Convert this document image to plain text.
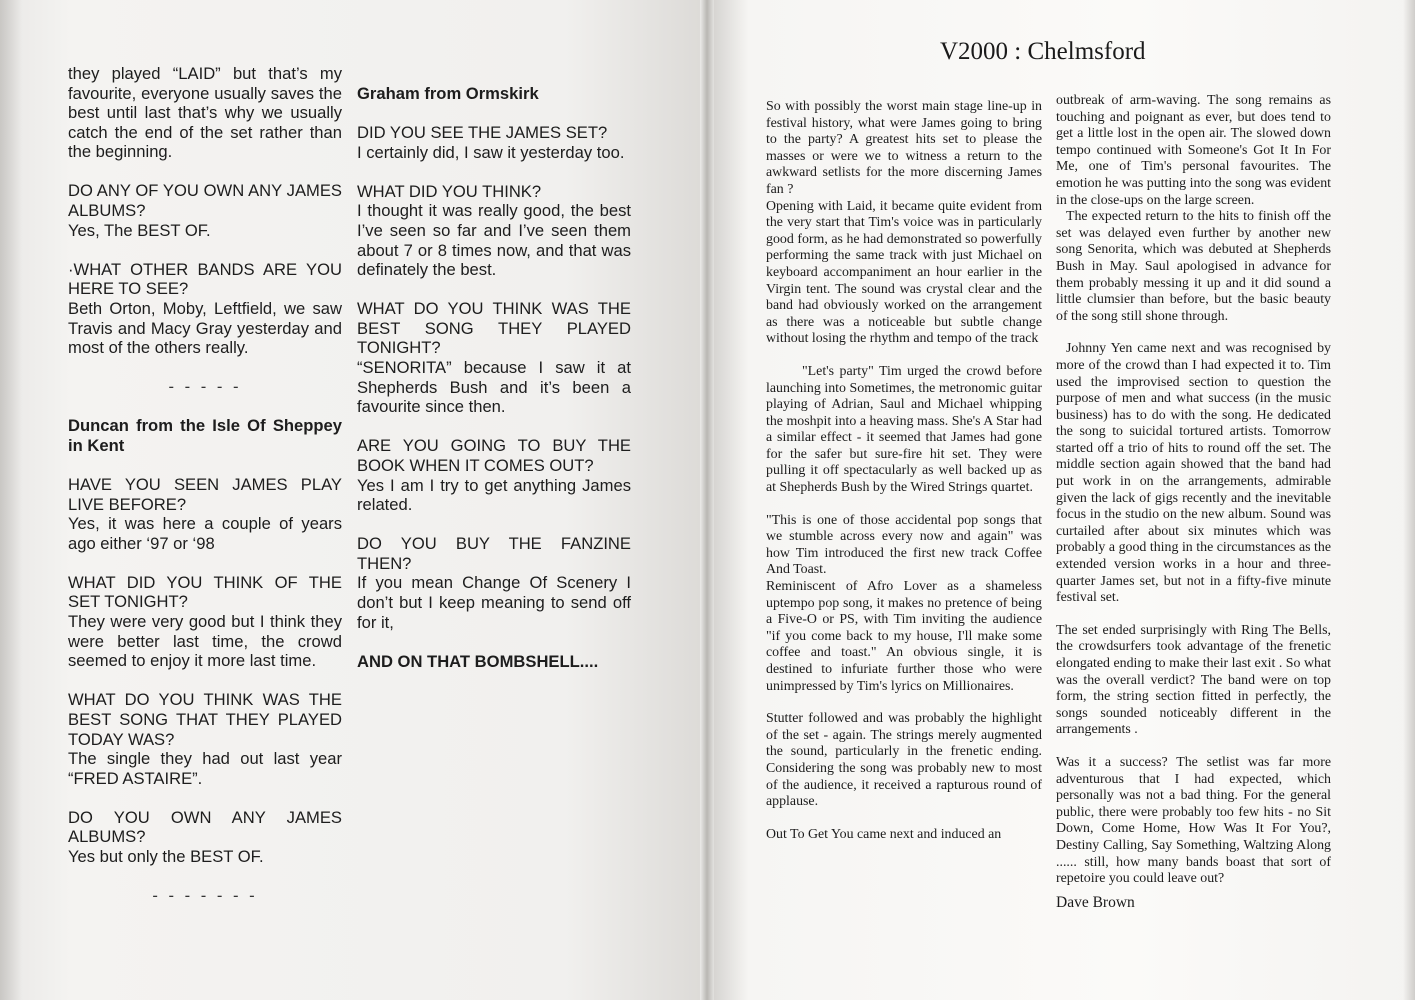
they played “LAID” but that’s my favourite, everyone usually saves the best until last that’s why we usually catch the end of the set rather than the beginning.

DO ANY OF YOU OWN ANY JAMES ALBUMS?
Yes, The BEST OF.
·WHAT OTHER BANDS ARE YOU HERE TO SEE?
Beth Orton, Moby, Leftfield, we saw Travis and Macy Gray yesterday and most of the others really.
- - - - -

Duncan from the Isle Of Sheppey in Kent

HAVE YOU SEEN JAMES PLAY LIVE BEFORE?
Yes, it was here a couple of years ago either ‘97 or ‘98
WHAT DID YOU THINK OF THE SET TONIGHT?
They were very good but I think they were better last time, the crowd seemed to enjoy it more last time.
WHAT DO YOU THINK WAS THE BEST SONG THAT THEY PLAYED TODAY WAS?
The single they had out last year “FRED ASTAIRE”.
DO YOU OWN ANY JAMES ALBUMS?
Yes but only the BEST OF.
- - - - - - -

Graham from Ormskirk

DID YOU SEE THE JAMES SET?
I certainly did, I saw it yesterday too.
WHAT DID YOU THINK?
I thought it was really good, the best I’ve seen so far and I’ve seen them about 7 or 8 times now, and that was definately the best.
WHAT DO YOU THINK WAS THE BEST SONG THEY PLAYED TONIGHT?
“SENORITA” because I saw it at Shepherds Bush and it’s been a favourite since then.
ARE YOU GOING TO BUY THE BOOK WHEN IT COMES OUT?
Yes I am I try to get anything James related.
DO YOU BUY THE FANZINE THEN?
If you mean Change Of Scenery I don’t but I keep meaning to send off for it,

AND ON THAT BOMBSHELL....

V2000 : Chelmsford

So with possibly the worst main stage line-up in festival history, what were James going to bring to the party? A greatest hits set to please the masses or were we to witness a return to the awkward setlists for the more discerning James fan ?

Opening with Laid, it became quite evident from the very start that Tim's voice was in particularly good form, as he had demonstrated so powerfully performing the same track with just Michael on keyboard accompaniment an hour earlier in the Virgin tent. The sound was crystal clear and the band had obviously worked on the arrangement as there was a noticeable but subtle change without losing the rhythm and tempo of the track

"Let's party" Tim urged the crowd before launching into Sometimes, the metronomic guitar playing of Adrian, Saul and Michael whipping the moshpit into a heaving mass. She's A Star had a similar effect - it seemed that James had gone for the safer but sure-fire hit set. They were pulling it off spectacularly as well backed up as at Shepherds Bush by the Wired Strings quartet.

"This is one of those accidental pop songs that we stumble across every now and again" was how Tim introduced the first new track Coffee And Toast.

Reminiscent of Afro Lover as a shameless uptempo pop song, it makes no pretence of being a Five-O or PS, with Tim inviting the audience "if you come back to my house, I'll make some coffee and toast." An obvious single, it is destined to infuriate further those who were unimpressed by Tim's lyrics on Millionaires.

Stutter followed and was probably the highlight of the set - again. The strings merely augmented the sound, particularly in the frenetic ending. Considering the song was probably new to most of the audience, it received a rapturous round of applause.

Out To Get You came next and induced an

outbreak of arm-waving. The song remains as touching and poignant as ever, but does tend to get a little lost in the open air. The slowed down tempo continued with Someone's Got It In For Me, one of Tim's personal favourites. The emotion he was putting into the song was evident in the close-ups on the large screen.

The expected return to the hits to finish off the set was delayed even further by another new song Senorita, which was debuted at Shepherds Bush in May. Saul apologised in advance for them probably messing it up and it did sound a little clumsier than before, but the basic beauty of the song still shone through.

Johnny Yen came next and was recognised by more of the crowd than I had expected it to. Tim used the improvised section to question the purpose of men and what success (in the music business) has to do with the song. He dedicated the song to suicidal tortured artists. Tomorrow started off a trio of hits to round off the set. The middle section again showed that the band had put work in on the arrangements, admirable given the lack of gigs recently and the inevitable focus in the studio on the new album. Sound was curtailed after about six minutes which was probably a good thing in the circumstances as the extended version works in a hour and three-quarter James set, but not in a fifty-five minute festival set.

The set ended surprisingly with Ring The Bells, the crowdsurfers took advantage of the frenetic elongated ending to make their last exit . So what was the overall verdict? The band were on top form, the string section fitted in perfectly, the songs sounded noticeably different in the arrangements .

Was it a success? The setlist was far more adventurous that I had expected, which personally was not a bad thing. For the general public, there were probably too few hits - no Sit Down, Come Home, How Was It For You?, Destiny Calling, Say Something, Waltzing Along ...... still, how many bands boast that sort of repetoire you could leave out?

Dave Brown
